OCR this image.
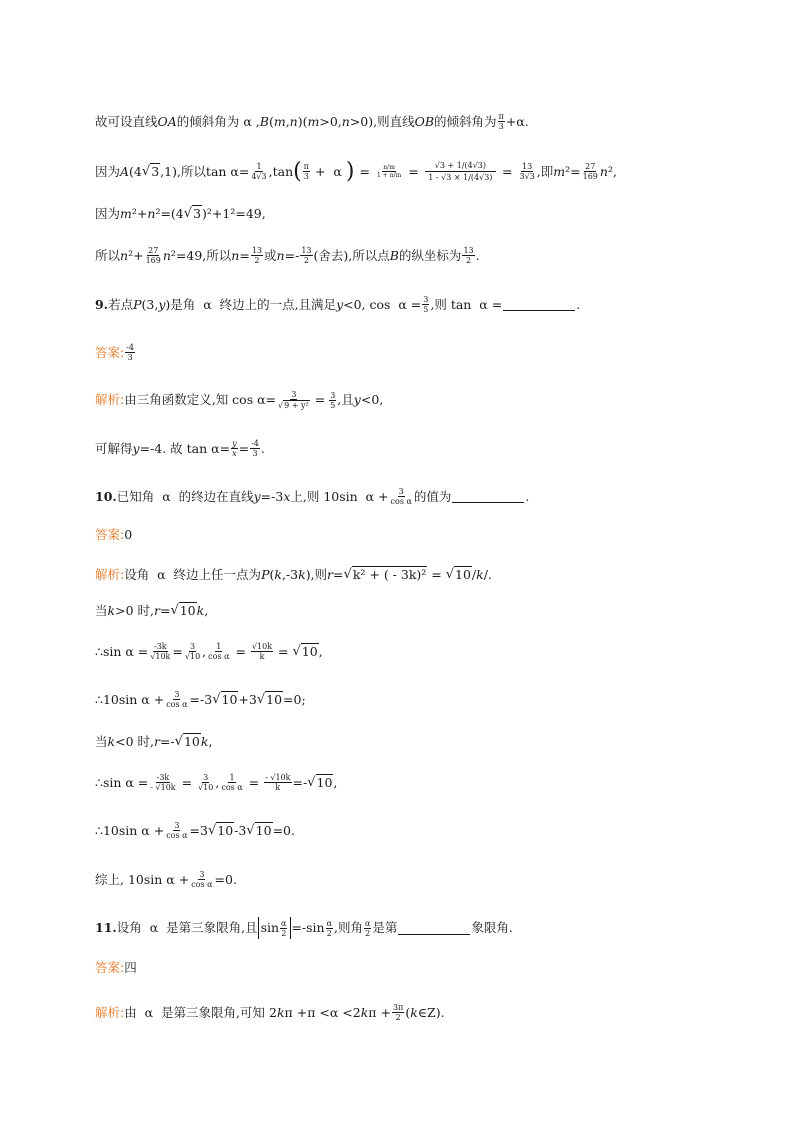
故可设直线 OA 的倾斜角为 α , B ( m , n )( m >0, n >0),则直线 OB 的倾斜角为 $\frac{\pi}{3} +\alpha$.
因为 A (4 √ 3 ,1),所以 $\tan \alpha= \frac{1}{4√3}$ , tan ( $\frac{\pi}{3} + \alpha$ ) = $\frac{n/m}{1 + n/m} = \frac{√3 + 1/(4√3)}{1 - √3 \times 1/(4√3)} = \frac{13}{3√3}$ ,即 m $^2= \frac{27}{169}$ n ²,
因为 m ²+ n ²=(4 √ 3 )²+1²=49,
所以 n $^2+ \frac{27}{169}$ n ²=49,所以 $n = \frac{13}{2}$ 或 $n =- \frac{13}{2}$ (舍去),所以点 B 的纵坐标为 $\frac{13}{2}$ .
9. 若点 P (3, y )是角  α  终边上的一点,且满足 y <0, $\cos \alpha = \frac{3}{5}$ ,则 tan  α =	.
答案: $\frac{-4}{3}$
解析: 由三角函数定义,知 $\cos \alpha= \frac{3}{\text{√9 + y²}} = \frac{3}{5}$ ,且 y <0,
可解得 y =-4. 故 $\tan \alpha= \frac{y}{x} = \frac{-4}{3}$ .
10. 已知角  α  的终边在直线 y =-3 x 上,则 10sin  $\alpha + \frac{3}{\text{cos α}}$ 的值为	.
答案: 0
解析: 设角  α  终边上任一点为 P ( k ,-3 k ),则 r = √ k² + ( - 3k)² = √ 10 / k /.
当 k >0 时, r = √ 10 k ,
∴sin $\alpha = \frac{-3k}{√10k} = \frac{3}{√10}$ , $\frac{1}{\text{cos α}} = \frac{√10k}{k}$ = √ 10 ,
∴10sin $\alpha + \frac{3}{\text{cos α}} =-3$ √ 10 +3 √ 10 =0;
当 k <0 时, r =- √ 10 k ,
∴sin $\alpha = \frac{-3k}{- √10k} = \frac{3}{√10}$ , $\frac{1}{\text{cos α}} = \frac{- √10k}{k}$ =- √ 10 ,
∴10sin $\alpha + \frac{3}{\text{cos α}} =3$ √ 10 -3 √ 10 =0.
综上, 10sin $\alpha + \frac{3}{\text{cos α}} =0$.
11. 设角  α  是第三象限角,且 $\sin \frac{\alpha}{2} =-\sin \frac{\alpha}{2}$ ,则角 $\frac{\alpha}{2}$ 是第	象限角.
答案: 四
解析: 由  α  是第三象限角,可知 2 k π +π <α <2 k $\pi + \frac{3\pi}{2}$ ( k ∈Z).
